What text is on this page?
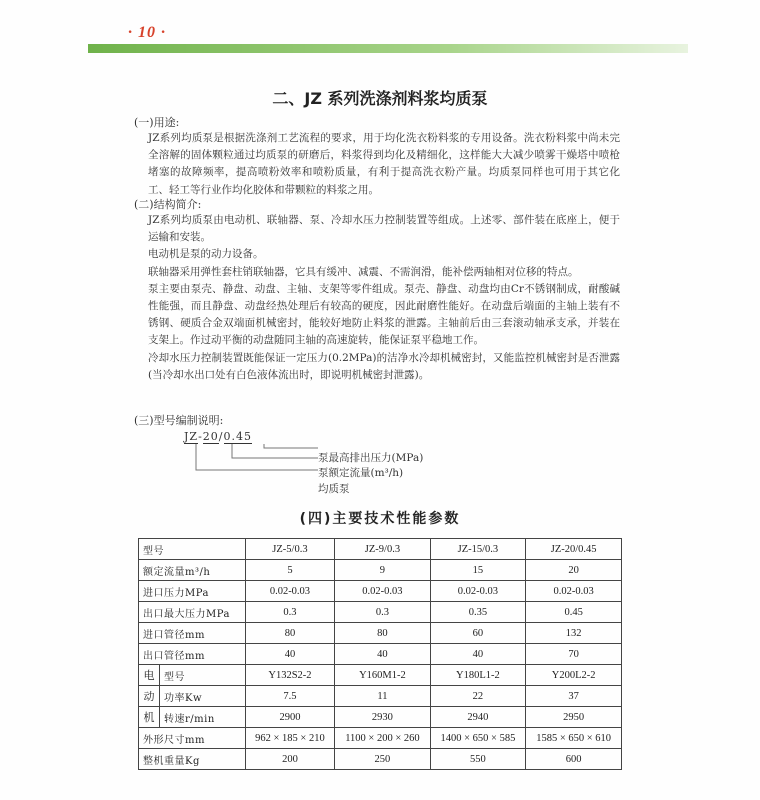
· 10 ·
二、JZ 系列洗涤剂料浆均质泵
(一)用途:

JZ系列均质泵是根据洗涤剂工艺流程的要求，用于均化洗衣粉料浆的专用设备。洗衣粉料浆中尚未完全溶解的固体颗粒通过均质泵的研磨后，料浆得到均化及精细化，这样能大大减少喷雾干燥塔中喷枪堵塞的故障频率，提高喷粉效率和喷粉质量，有利于提高洗衣粉产量。均质泵同样也可用于其它化工、轻工等行业作均化胶体和带颗粒的料浆之用。

(二)结构简介:

JZ系列均质泵由电动机、联轴器、泵、冷却水压力控制装置等组成。上述零、部件装在底座上，便于运输和安装。

电动机是泵的动力设备。

联轴器采用弹性套柱销联轴器，它具有缓冲、减震、不需润滑，能补偿两轴相对位移的特点。

泵主要由泵壳、静盘、动盘、主轴、支架等零件组成。泵壳、静盘、动盘均由Cr不锈钢制成，耐酸碱性能强，而且静盘、动盘经热处理后有较高的硬度，因此耐磨性能好。在动盘后端面的主轴上装有不锈钢、硬质合金双端面机械密封，能较好地防止料浆的泄露。主轴前后由三套滚动轴承支承，并装在支架上。作过动平衡的动盘随同主轴的高速旋转，能保证泵平稳地工作。

冷却水压力控制装置既能保证一定压力(0.2MPa)的洁净水冷却机械密封，又能监控机械密封是否泄露(当冷却水出口处有白色液体流出时，即说明机械密封泄露)。

(三)型号编制说明:
JZ-20/0.45
泵最高排出压力(MPa)
泵额定流量(m³/h)
均质泵
(四)主要技术性能参数
型号		JZ-5/0.3	JZ-9/0.3	JZ-15/0.3	JZ-20/0.45
额定流量m³/h		5	9	15	20
进口压力MPa		0.02-0.03	0.02-0.03	0.02-0.03	0.02-0.03
出口最大压力MPa		0.3	0.3	0.35	0.45
进口管径mm		80	80	60	132
出口管径mm		40	40	40	70
电	型号	Y132S2-2	Y160M1-2	Y180L1-2	Y200L2-2
动	功率Kw	7.5	11	22	37
机	转速r/min	2900	2930	2940	2950
外形尺寸mm		962 × 185 × 210	1100 × 200 × 260	1400 × 650 × 585	1585 × 650 × 610
整机重量Kg		200	250	550	600
